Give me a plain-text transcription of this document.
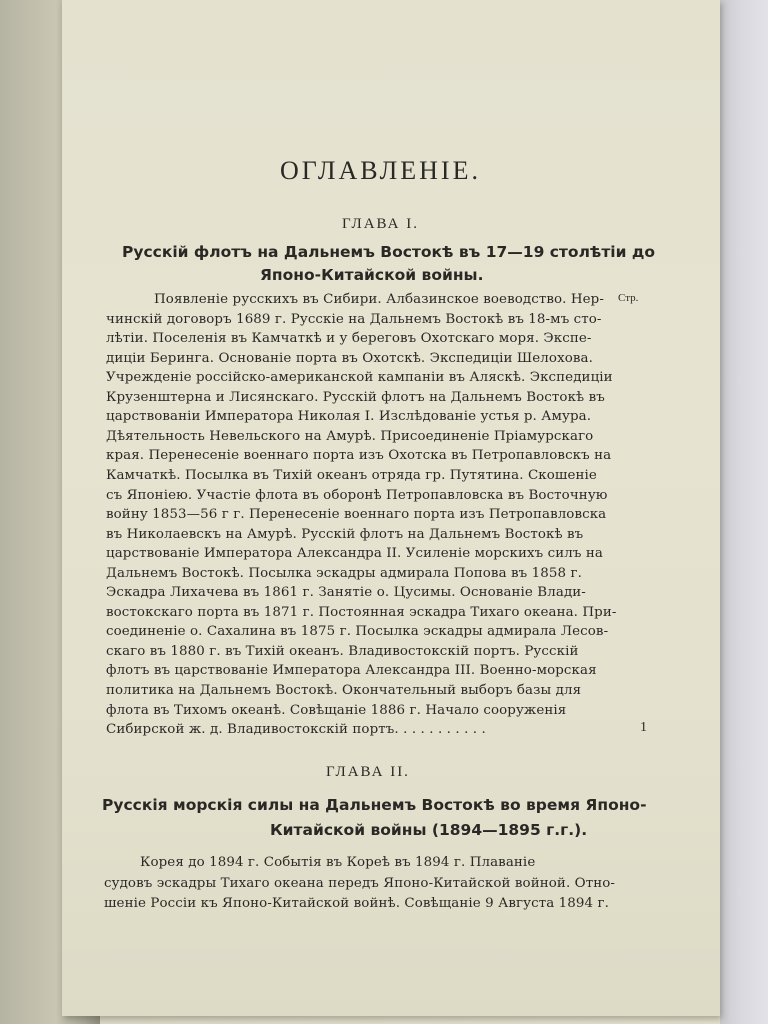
ОГЛАВЛЕНІЕ.
ГЛАВА I.
Русскій флотъ на Дальнемъ Востокѣ въ 17—19 столѣтіи до
Японо-Китайской войны.
Стр.
Появленіе русскихъ въ Сибири. Албазинское воеводство. Нер-
чинскій договоръ 1689 г. Русскіе на Дальнемъ Востокѣ въ 18-мъ сто-
лѣтіи. Поселенія въ Камчаткѣ и у береговъ Охотскаго моря. Экспе-
диціи Беринга. Основаніе порта въ Охотскѣ. Экспедиціи Шелохова.
Учрежденіе россійско-американской кампаніи въ Аляскѣ. Экспедиціи
Крузенштерна и Лисянскаго. Русскій флотъ на Дальнемъ Востокѣ въ
царствованіи Императора Николая I. Изслѣдованіе устья р. Амура.
Дѣятельность Невельского на Амурѣ. Присоединеніе Пріамурскаго
края. Перенесеніе военнаго порта изъ Охотска въ Петропавловскъ на
Камчаткѣ. Посылка въ Тихій океанъ отряда гр. Путятина. Скошеніе
съ Японіею. Участіе флота въ оборонѣ Петропавловска въ Восточную
войну 1853—56 г г. Перенесеніе военнаго порта изъ Петропавловска
въ Николаевскъ на Амурѣ. Русскій флотъ на Дальнемъ Востокѣ въ
царствованіе Императора Александра II. Усиленіе морскихъ силъ на
Дальнемъ Востокѣ. Посылка эскадры адмирала Попова въ 1858 г.
Эскадра Лихачева въ 1861 г. Занятіе о. Цусимы. Основаніе Влади-
востокскаго порта въ 1871 г. Постоянная эскадра Тихаго океана. При-
соединеніе о. Сахалина въ 1875 г. Посылка эскадры адмирала Лесов-
скаго въ 1880 г. въ Тихій океанъ. Владивостокскій портъ. Русскій
флотъ въ царствованіе Императора Александра III. Военно-морская
политика на Дальнемъ Востокѣ. Окончательный выборъ базы для
флота въ Тихомъ океанѣ. Совѣщаніе 1886 г. Начало сооруженія
Сибирской ж. д. Владивостокскій портъ. . . . . . . . . . .	1
ГЛАВА II.
Русскія морскія силы на Дальнемъ Востокѣ во время Японо-
Китайской войны (1894—1895 г.г.).
Корея до 1894 г. Событія въ Кореѣ въ 1894 г. Плаваніе
судовъ эскадры Тихаго океана передъ Японо-Китайской войной. Отно-
шеніе Россіи къ Японо-Китайской войнѣ. Совѣщаніе 9 Августа 1894 г.
